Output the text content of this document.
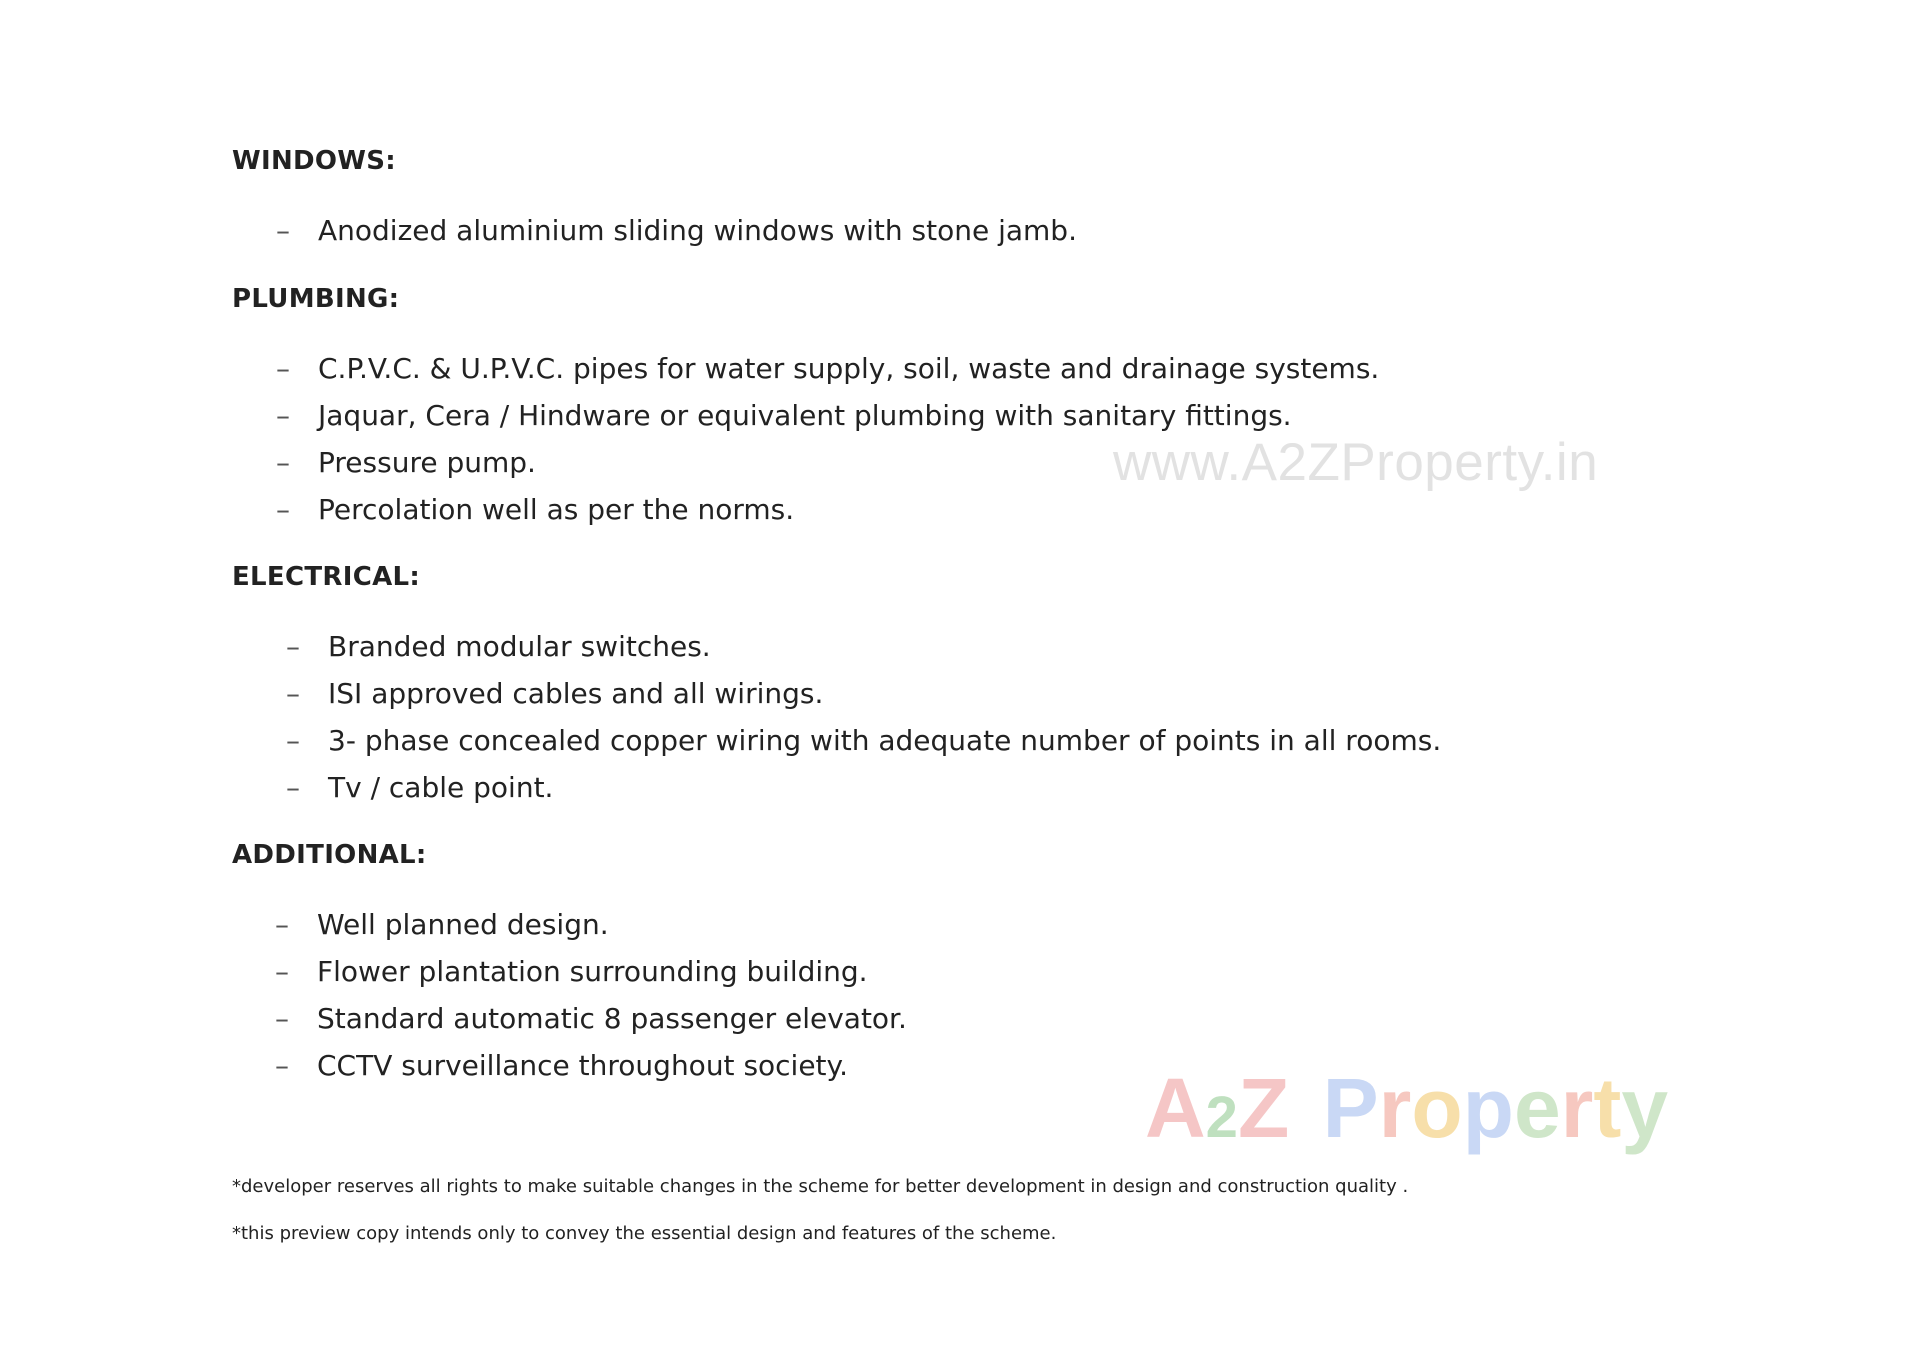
WINDOWS:
– Anodized aluminium sliding windows with stone jamb.
PLUMBING:
– C.P.V.C. & U.P.V.C. pipes for water supply, soil, waste and drainage systems.
– Jaquar, Cera / Hindware or equivalent plumbing with sanitary fittings.
– Pressure pump.
– Percolation well as per the norms.
ELECTRICAL:
– Branded modular switches.
– ISI approved cables and all wirings.
– 3- phase concealed copper wiring with adequate number of points in all rooms.
– Tv / cable point.
ADDITIONAL:
– Well planned design.
– Flower plantation surrounding building.
– Standard automatic 8 passenger elevator.
– CCTV surveillance throughout society.
www.A2ZProperty.in
A2Z Property
*developer reserves all rights to make suitable changes in the scheme for better development in design and construction quality .
*this preview copy intends only to convey the essential design and features of the scheme.
